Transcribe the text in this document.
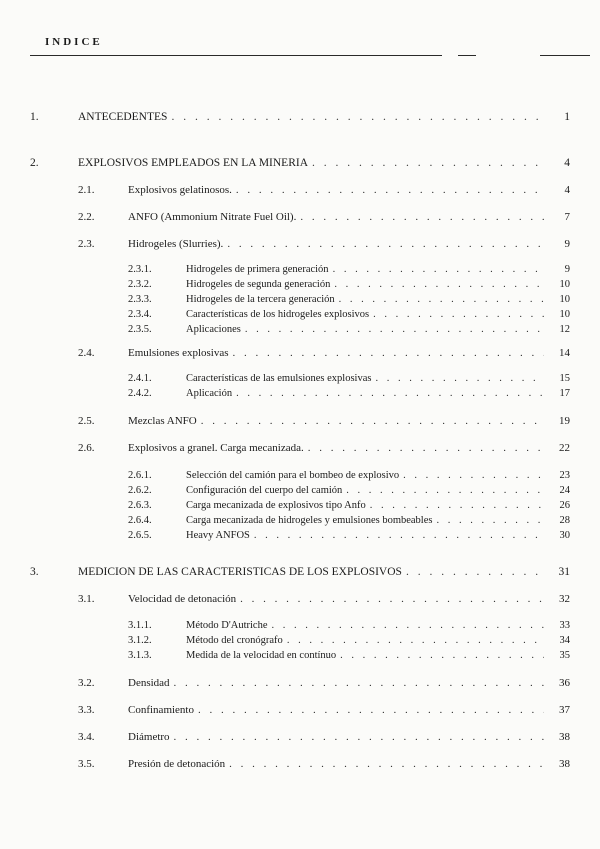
INDICE
1.	ANTECEDENTES . . .	1
2.	EXPLOSIVOS EMPLEADOS EN LA MINERIA . . .	4
2.1.	Explosivos gelatinosos. . . .	4
2.2.	ANFO (Ammonium Nitrate Fuel Oil). . . .	7
2.3.	Hidrogeles (Slurries). . . .	9
2.3.1.	Hidrogeles de primera generación . . .	9
2.3.2.	Hidrogeles de segunda generación . . .	10
2.3.3.	Hidrogeles de la tercera generación . . .	10
2.3.4.	Características de los hidrogeles explosivos . . .	10
2.3.5.	Aplicaciones . . .	12
2.4.	Emulsiones explosivas . . .	14
2.4.1.	Características de las emulsiones explosivas . . .	15
2.4.2.	Aplicación . . .	17
2.5.	Mezclas ANFO . . .	19
2.6.	Explosivos a granel. Carga mecanizada. . . .	22
2.6.1.	Selección del camión para el bombeo de explosivo . . .	23
2.6.2.	Configuración del cuerpo del camión . . .	24
2.6.3.	Carga mecanizada de explosivos tipo Anfo . . .	26
2.6.4.	Carga mecanizada de hidrogeles y emulsiones bombeables . . .	28
2.6.5.	Heavy ANFOS . . .	30
3.	MEDICION DE LAS CARACTERISTICAS DE LOS EXPLOSIVOS . . .	31
3.1.	Velocidad de detonación . . .	32
3.1.1.	Método D'Autriche . . .	33
3.1.2.	Método del cronógrafo . . .	34
3.1.3.	Medida de la velocidad en contínuo . . .	35
3.2.	Densidad . . .	36
3.3.	Confinamiento . . .	37
3.4.	Diámetro . . .	38
3.5.	Presión de detonación . . .	38
